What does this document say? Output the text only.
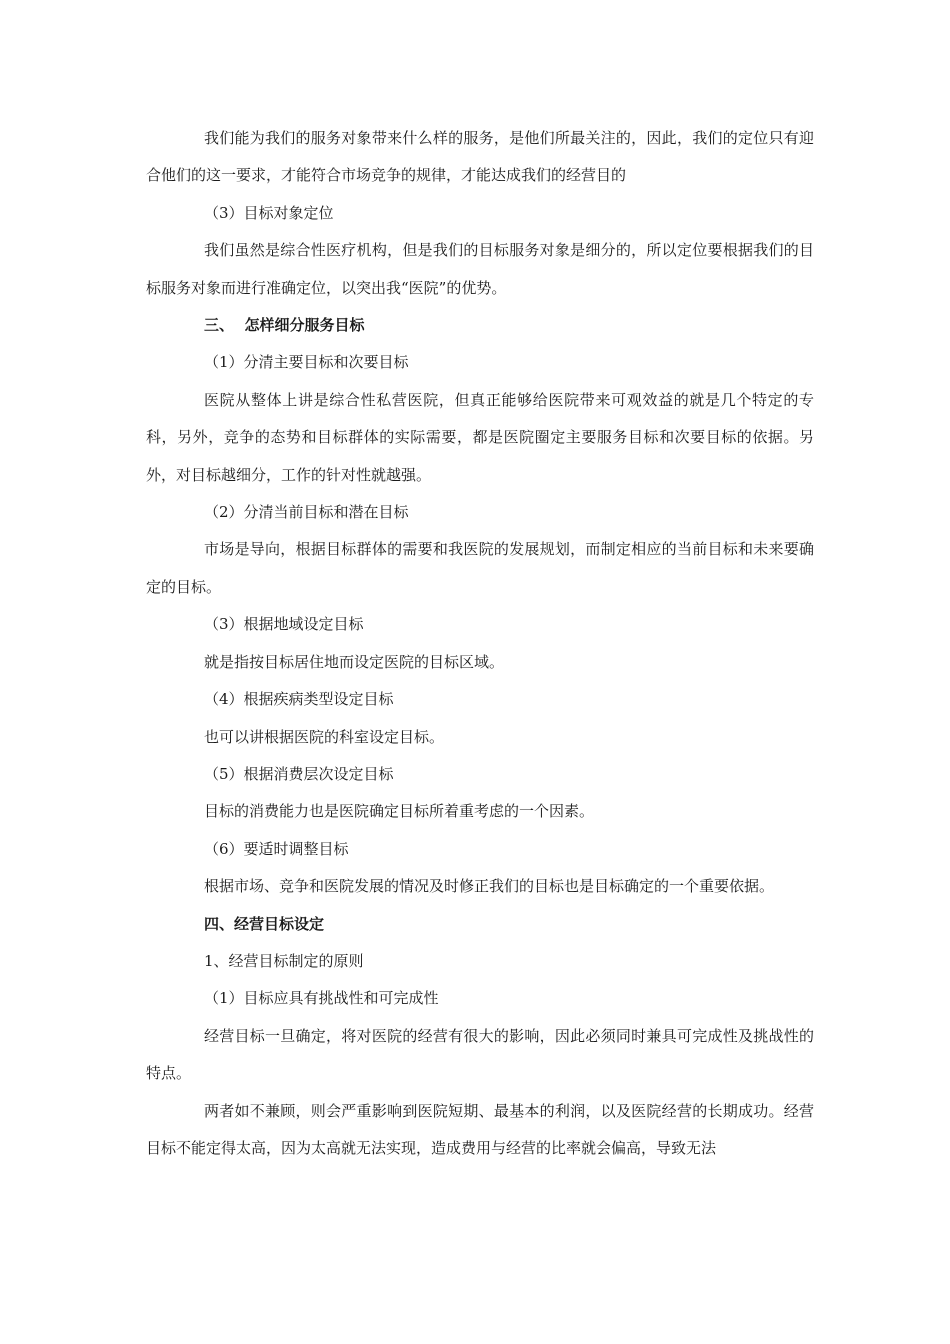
我们能为我们的服务对象带来什么样的服务，是他们所最关注的，因此，我们的定位只有迎合他们的这一要求，才能符合市场竞争的规律，才能达成我们的经营目的

（3）目标对象定位

我们虽然是综合性医疗机构，但是我们的目标服务对象是细分的，所以定位要根据我们的目标服务对象而进行准确定位，以突出我“医院”的优势。

三、  怎样细分服务目标

（1）分清主要目标和次要目标

医院从整体上讲是综合性私营医院，但真正能够给医院带来可观效益的就是几个特定的专科，另外，竞争的态势和目标群体的实际需要，都是医院圈定主要服务目标和次要目标的依据。另外，对目标越细分，工作的针对性就越强。

（2）分清当前目标和潜在目标

市场是导向，根据目标群体的需要和我医院的发展规划，而制定相应的当前目标和未来要确定的目标。

（3）根据地域设定目标

就是指按目标居住地而设定医院的目标区域。

（4）根据疾病类型设定目标

也可以讲根据医院的科室设定目标。

（5）根据消费层次设定目标

目标的消费能力也是医院确定目标所着重考虑的一个因素。

（6）要适时调整目标

根据市场、竞争和医院发展的情况及时修正我们的目标也是目标确定的一个重要依据。

四、经营目标设定

1、经营目标制定的原则

（1）目标应具有挑战性和可完成性

经营目标一旦确定，将对医院的经营有很大的影响，因此必须同时兼具可完成性及挑战性的特点。

两者如不兼顾，则会严重影响到医院短期、最基本的利润，以及医院经营的长期成功。经营目标不能定得太高，因为太高就无法实现，造成费用与经营的比率就会偏高，导致无法
